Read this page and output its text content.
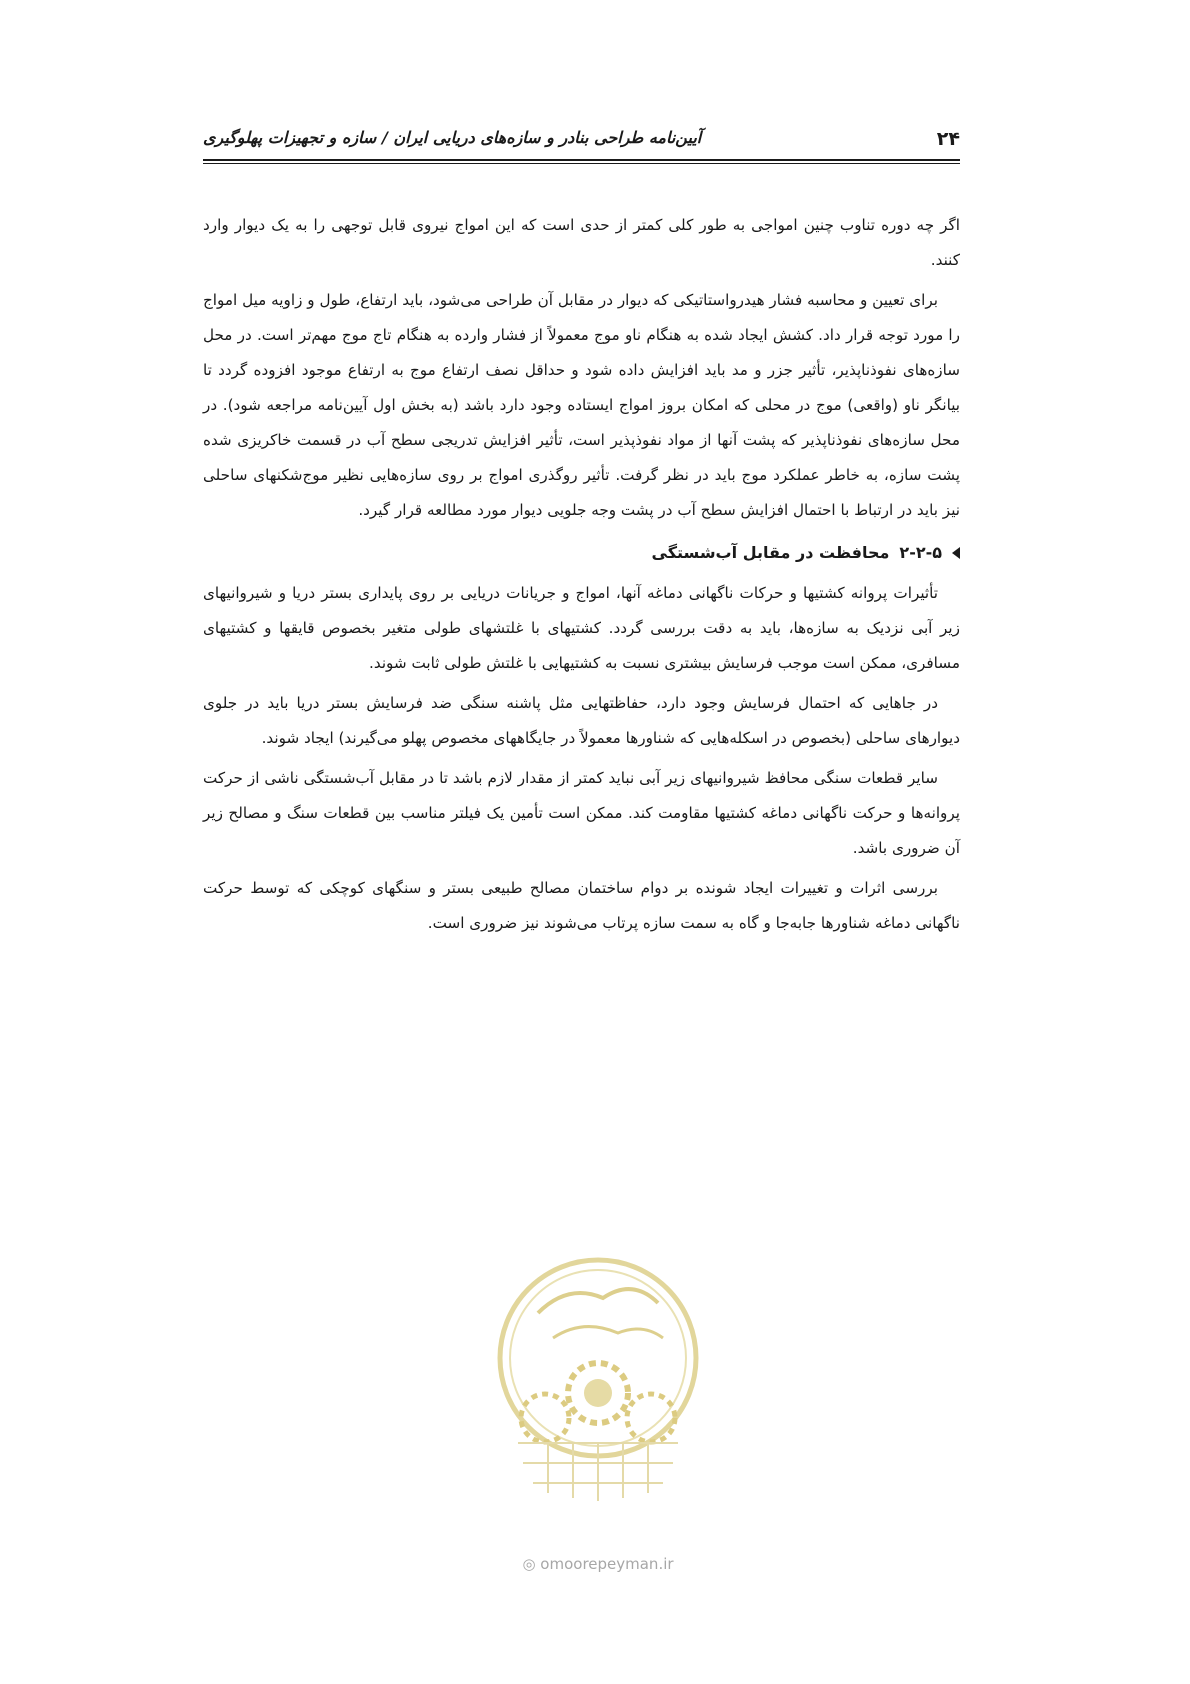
۲۴
آیین‌نامه طراحی بنادر و سازه‌های دریایی ایران / سازه و تجهیزات پهلوگیری

اگر چه دوره تناوب چنین امواجی به طور کلی کمتر از حدی است که این امواج نیروی قابل توجهی را به یک دیوار وارد کنند.

برای تعیین و محاسبه فشار هیدرواستاتیکی که دیوار در مقابل آن طراحی می‌شود، باید ارتفاع، طول و زاویه میل امواج را مورد توجه قرار داد. کشش ایجاد شده به هنگام ناو موج معمولاً از فشار وارده به هنگام تاج موج مهم‌تر است. در محل سازه‌های نفوذناپذیر، تأثیر جزر و مد باید افزایش داده شود و حداقل نصف ارتفاع موج به ارتفاع موجود افزوده گردد تا بیانگر ناو (واقعی) موج در محلی که امکان بروز امواج ایستاده وجود دارد باشد (به بخش اول آیین‌نامه مراجعه شود). در محل سازه‌های نفوذناپذیر که پشت آنها از مواد نفوذپذیر است، تأثیر افزایش تدریجی سطح آب در قسمت خاکریزی شده پشت سازه، به خاطر عملکرد موج باید در نظر گرفت. تأثیر روگذری امواج بر روی سازه‌هایی نظیر موج‌شکنهای ساحلی نیز باید در ارتباط با احتمال افزایش سطح آب در پشت وجه جلویی دیوار مورد مطالعه قرار گیرد.

۲-۲-۵
محافظت در مقابل آب‌شستگی

تأثیرات پروانه کشتیها و حرکات ناگهانی دماغه آنها، امواج و جریانات دریایی بر روی پایداری بستر دریا و شیروانیهای زیر آبی نزدیک به سازه‌ها، باید به دقت بررسی گردد. کشتیهای با غلتشهای طولی متغیر بخصوص قایقها و کشتیهای مسافری، ممکن است موجب فرسایش بیشتری نسبت به کشتیهایی با غلتش طولی ثابت شوند.

در جاهایی که احتمال فرسایش وجود دارد، حفاظتهایی مثل پاشنه سنگی ضد فرسایش بستر دریا باید در جلوی دیوارهای ساحلی (بخصوص در اسکله‌هایی که شناورها معمولاً در جایگاههای مخصوص پهلو می‌گیرند) ایجاد شوند.

سایر قطعات سنگی محافظ شیروانیهای زیر آبی نباید کمتر از مقدار لازم باشد تا در مقابل آب‌شستگی ناشی از حرکت پروانه‌ها و حرکت ناگهانی دماغه کشتیها مقاومت کند. ممکن است تأمین یک فیلتر مناسب بین قطعات سنگ و مصالح زیر آن ضروری باشد.

بررسی اثرات و تغییرات ایجاد شونده بر دوام ساختمان مصالح طبیعی بستر و سنگهای کوچکی که توسط حرکت ناگهانی دماغه شناورها جابه‌جا و گاه به سمت سازه پرتاب می‌شوند نیز ضروری است.

◎ omoorepeyman.ir
